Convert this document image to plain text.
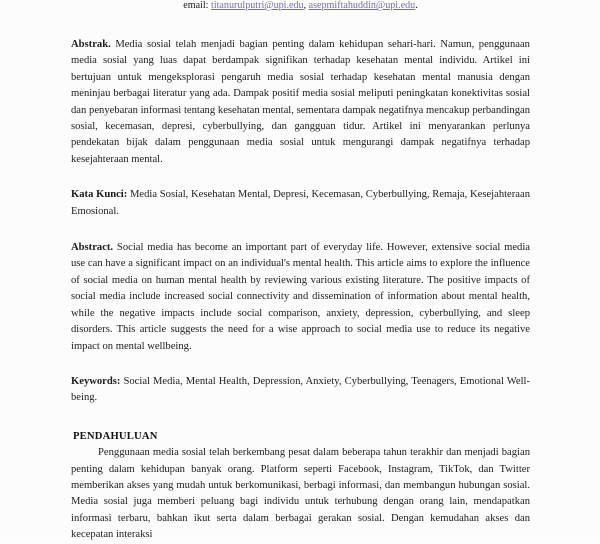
email: titanurulputri@upi.edu, asepmiftahuddin@upi.edu.

Abstrak. Media sosial telah menjadi bagian penting dalam kehidupan sehari-hari. Namun, penggunaan media sosial yang luas dapat berdampak signifikan terhadap kesehatan mental individu. Artikel ini bertujuan untuk mengeksplorasi pengaruh media sosial terhadap kesehatan mental manusia dengan meninjau berbagai literatur yang ada. Dampak positif media sosial meliputi peningkatan konektivitas sosial dan penyebaran informasi tentang kesehatan mental, sementara dampak negatifnya mencakup perbandingan sosial, kecemasan, depresi, cyberbullying, dan gangguan tidur. Artikel ini menyarankan perlunya pendekatan bijak dalam penggunaan media sosial untuk mengurangi dampak negatifnya terhadap kesejahteraan mental.

Kata Kunci: Media Sosial, Kesehatan Mental, Depresi, Kecemasan, Cyberbullying, Remaja, Kesejahteraan Emosional.

Abstract. Social media has become an important part of everyday life. However, extensive social media use can have a significant impact on an individual's mental health. This article aims to explore the influence of social media on human mental health by reviewing various existing literature. The positive impacts of social media include increased social connectivity and dissemination of information about mental health, while the negative impacts include social comparison, anxiety, depression, cyberbullying, and sleep disorders. This article suggests the need for a wise approach to social media use to reduce its negative impact on mental wellbeing.

Keywords: Social Media, Mental Health, Depression, Anxiety, Cyberbullying, Teenagers, Emotional Well-being.

PENDAHULUAN

Penggunaan media sosial telah berkembang pesat dalam beberapa tahun terakhir dan menjadi bagian penting dalam kehidupan banyak orang. Platform seperti Facebook, Instagram, TikTok, dan Twitter memberikan akses yang mudah untuk berkomunikasi, berbagi informasi, dan membangun hubungan sosial. Media sosial juga memberi peluang bagi individu untuk terhubung dengan orang lain, mendapatkan informasi terbaru, bahkan ikut serta dalam berbagai gerakan sosial. Dengan kemudahan akses dan kecepatan interaksi
